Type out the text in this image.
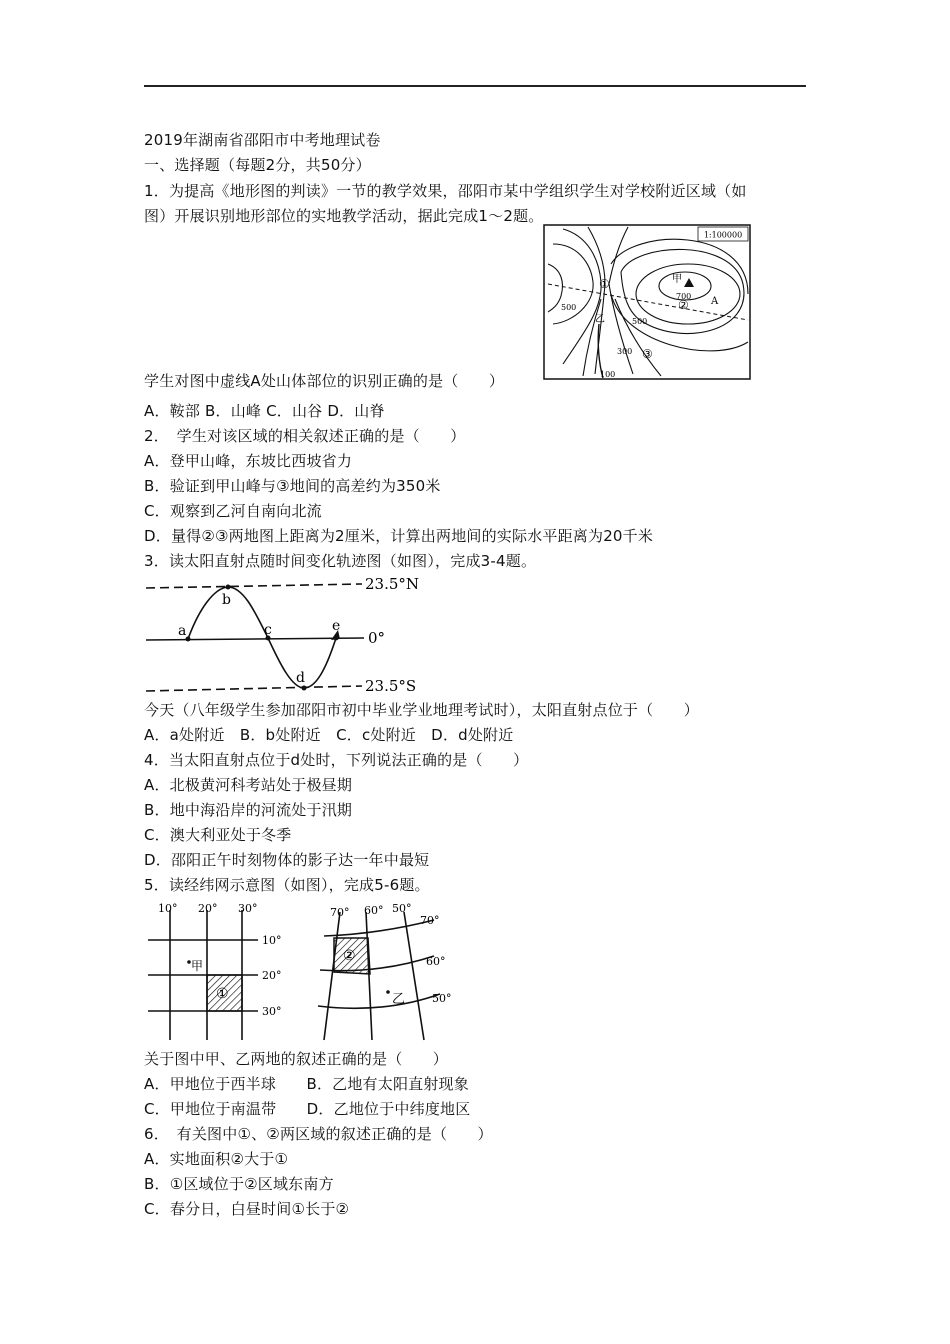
2019年湖南省邵阳市中考地理试卷
一、选择题（每题2分，共50分）
1．为提高《地形图的判读》一节的教学效果，邵阳市某中学组织学生对学校附近区域（如
图）开展识别地形部位的实地教学活动，据此完成1～2题。
1:100000
甲
700
500
500
300
100
①
②
③
A
乙
学生对图中虚线A处山体部位的识别正确的是（　　）
A．鞍部 B．山峰 C．山谷 D．山脊
2．　学生对该区域的相关叙述正确的是（　　）
A．登甲山峰，东坡比西坡省力
B．验证到甲山峰与③地间的高差约为350米
C．观察到乙河自南向北流
D．量得②③两地图上距离为2厘米，计算出两地间的实际水平距离为20千米
3．读太阳直射点随时间变化轨迹图（如图），完成3-4题。
a
b
c
d
e
23.5°N
0°
23.5°S
今天（八年级学生参加邵阳市初中毕业学业地理考试时），太阳直射点位于（　　）
A．a处附近　B．b处附近　C．c处附近　D．d处附近
4．当太阳直射点位于d处时，下列说法正确的是（　　）
A．北极黄河科考站处于极昼期
B．地中海沿岸的河流处于汛期
C．澳大利亚处于冬季
D．邵阳正午时刻物体的影子达一年中最短
5．读经纬网示意图（如图），完成5-6题。
10° 20° 30°
10°
20°
30°
甲
①
70° 60° 50°
70°
60°
50°
②
乙
关于图中甲、乙两地的叙述正确的是（　　）
A．甲地位于西半球　　B．乙地有太阳直射现象
C．甲地位于南温带　　D．乙地位于中纬度地区
6．　有关图中①、②两区域的叙述正确的是（　　）
A．实地面积②大于①
B．①区域位于②区域东南方
C．春分日，白昼时间①长于②
